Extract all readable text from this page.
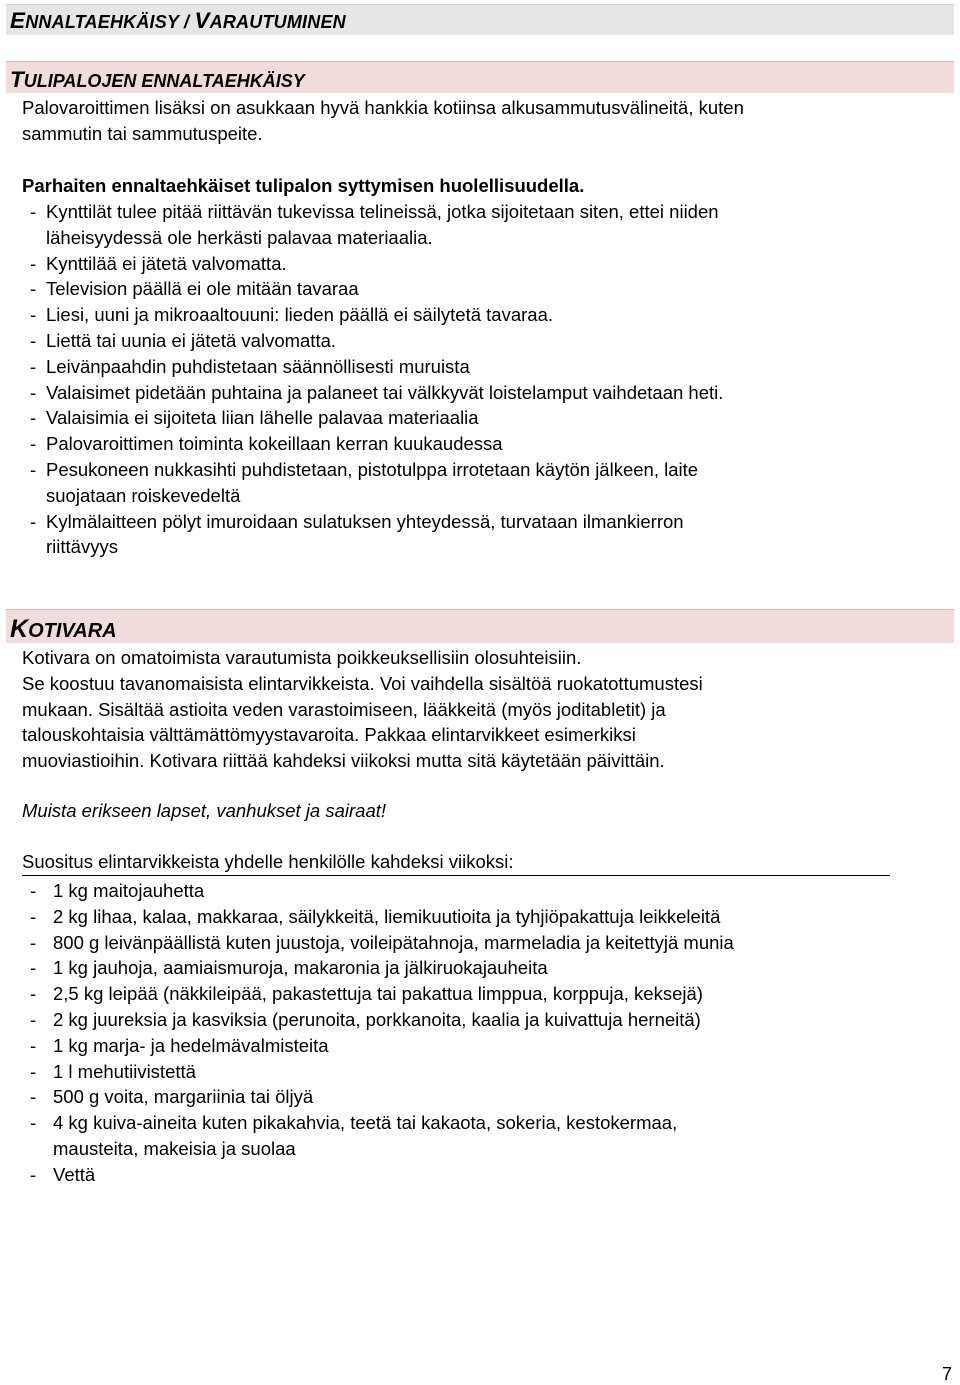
ENNALTAEHKÄISY / VARAUTUMINEN
TULIPALOJEN ENNALTAEHKÄISY
Palovaroittimen lisäksi on asukkaan hyvä hankkia kotiinsa alkusammutusvälineitä, kuten
sammutin tai sammutuspeite.
Parhaiten ennaltaehkäiset tulipalon syttymisen huolellisuudella.
- Kynttilät tulee pitää riittävän tukevissa telineissä, jotka sijoitetaan siten, ettei niiden
läheisyydessä ole herkästi palavaa materiaalia.
- Kynttilää ei jätetä valvomatta.
- Television päällä ei ole mitään tavaraa
- Liesi, uuni ja mikroaaltouuni: lieden päällä ei säilytetä tavaraa.
- Liettä tai uunia ei jätetä valvomatta.
- Leivänpaahdin puhdistetaan säännöllisesti muruista
- Valaisimet pidetään puhtaina ja palaneet tai välkkyvät loistelamput vaihdetaan heti.
- Valaisimia ei sijoiteta liian lähelle palavaa materiaalia
- Palovaroittimen toiminta kokeillaan kerran kuukaudessa
- Pesukoneen nukkasihti puhdistetaan, pistotulppa irrotetaan käytön jälkeen, laite
suojataan roiskevedeltä
- Kylmälaitteen pölyt imuroidaan sulatuksen yhteydessä, turvataan ilmankierron
riittävyys
KOTIVARA
Kotivara on omatoimista varautumista poikkeuksellisiin olosuhteisiin.
Se koostuu tavanomaisista elintarvikkeista. Voi vaihdella sisältöä ruokatottumustesi
mukaan. Sisältää astioita veden varastoimiseen, lääkkeitä (myös joditabletit) ja
talouskohtaisia välttämättömyystavaroita. Pakkaa elintarvikkeet esimerkiksi
muoviastioihin. Kotivara riittää kahdeksi viikoksi mutta sitä käytetään päivittäin.
Muista erikseen lapset, vanhukset ja sairaat!
Suositus elintarvikkeista yhdelle henkilölle kahdeksi viikoksi:
- 1 kg maitojauhetta
- 2 kg lihaa, kalaa, makkaraa, säilykkeitä, liemikuutioita ja tyhjiöpakattuja leikkeleitä
- 800 g leivänpäällistä kuten juustoja, voileipätahnoja, marmeladia ja keitettyjä munia
- 1 kg jauhoja, aamiaismuroja, makaronia ja jälkiruokajauheita
- 2,5 kg leipää (näkkileipää, pakastettuja tai pakattua limppua, korppuja, keksejä)
- 2 kg juureksia ja kasviksia (perunoita, porkkanoita, kaalia ja kuivattuja herneitä)
- 1 kg marja- ja hedelmävalmisteita
- 1 l mehutiivistettä
- 500 g voita, margariinia tai öljyä
- 4 kg kuiva-aineita kuten pikakahvia, teetä tai kakaota, sokeria, kestokermaa,
mausteita, makeisia ja suolaa
- Vettä
7
